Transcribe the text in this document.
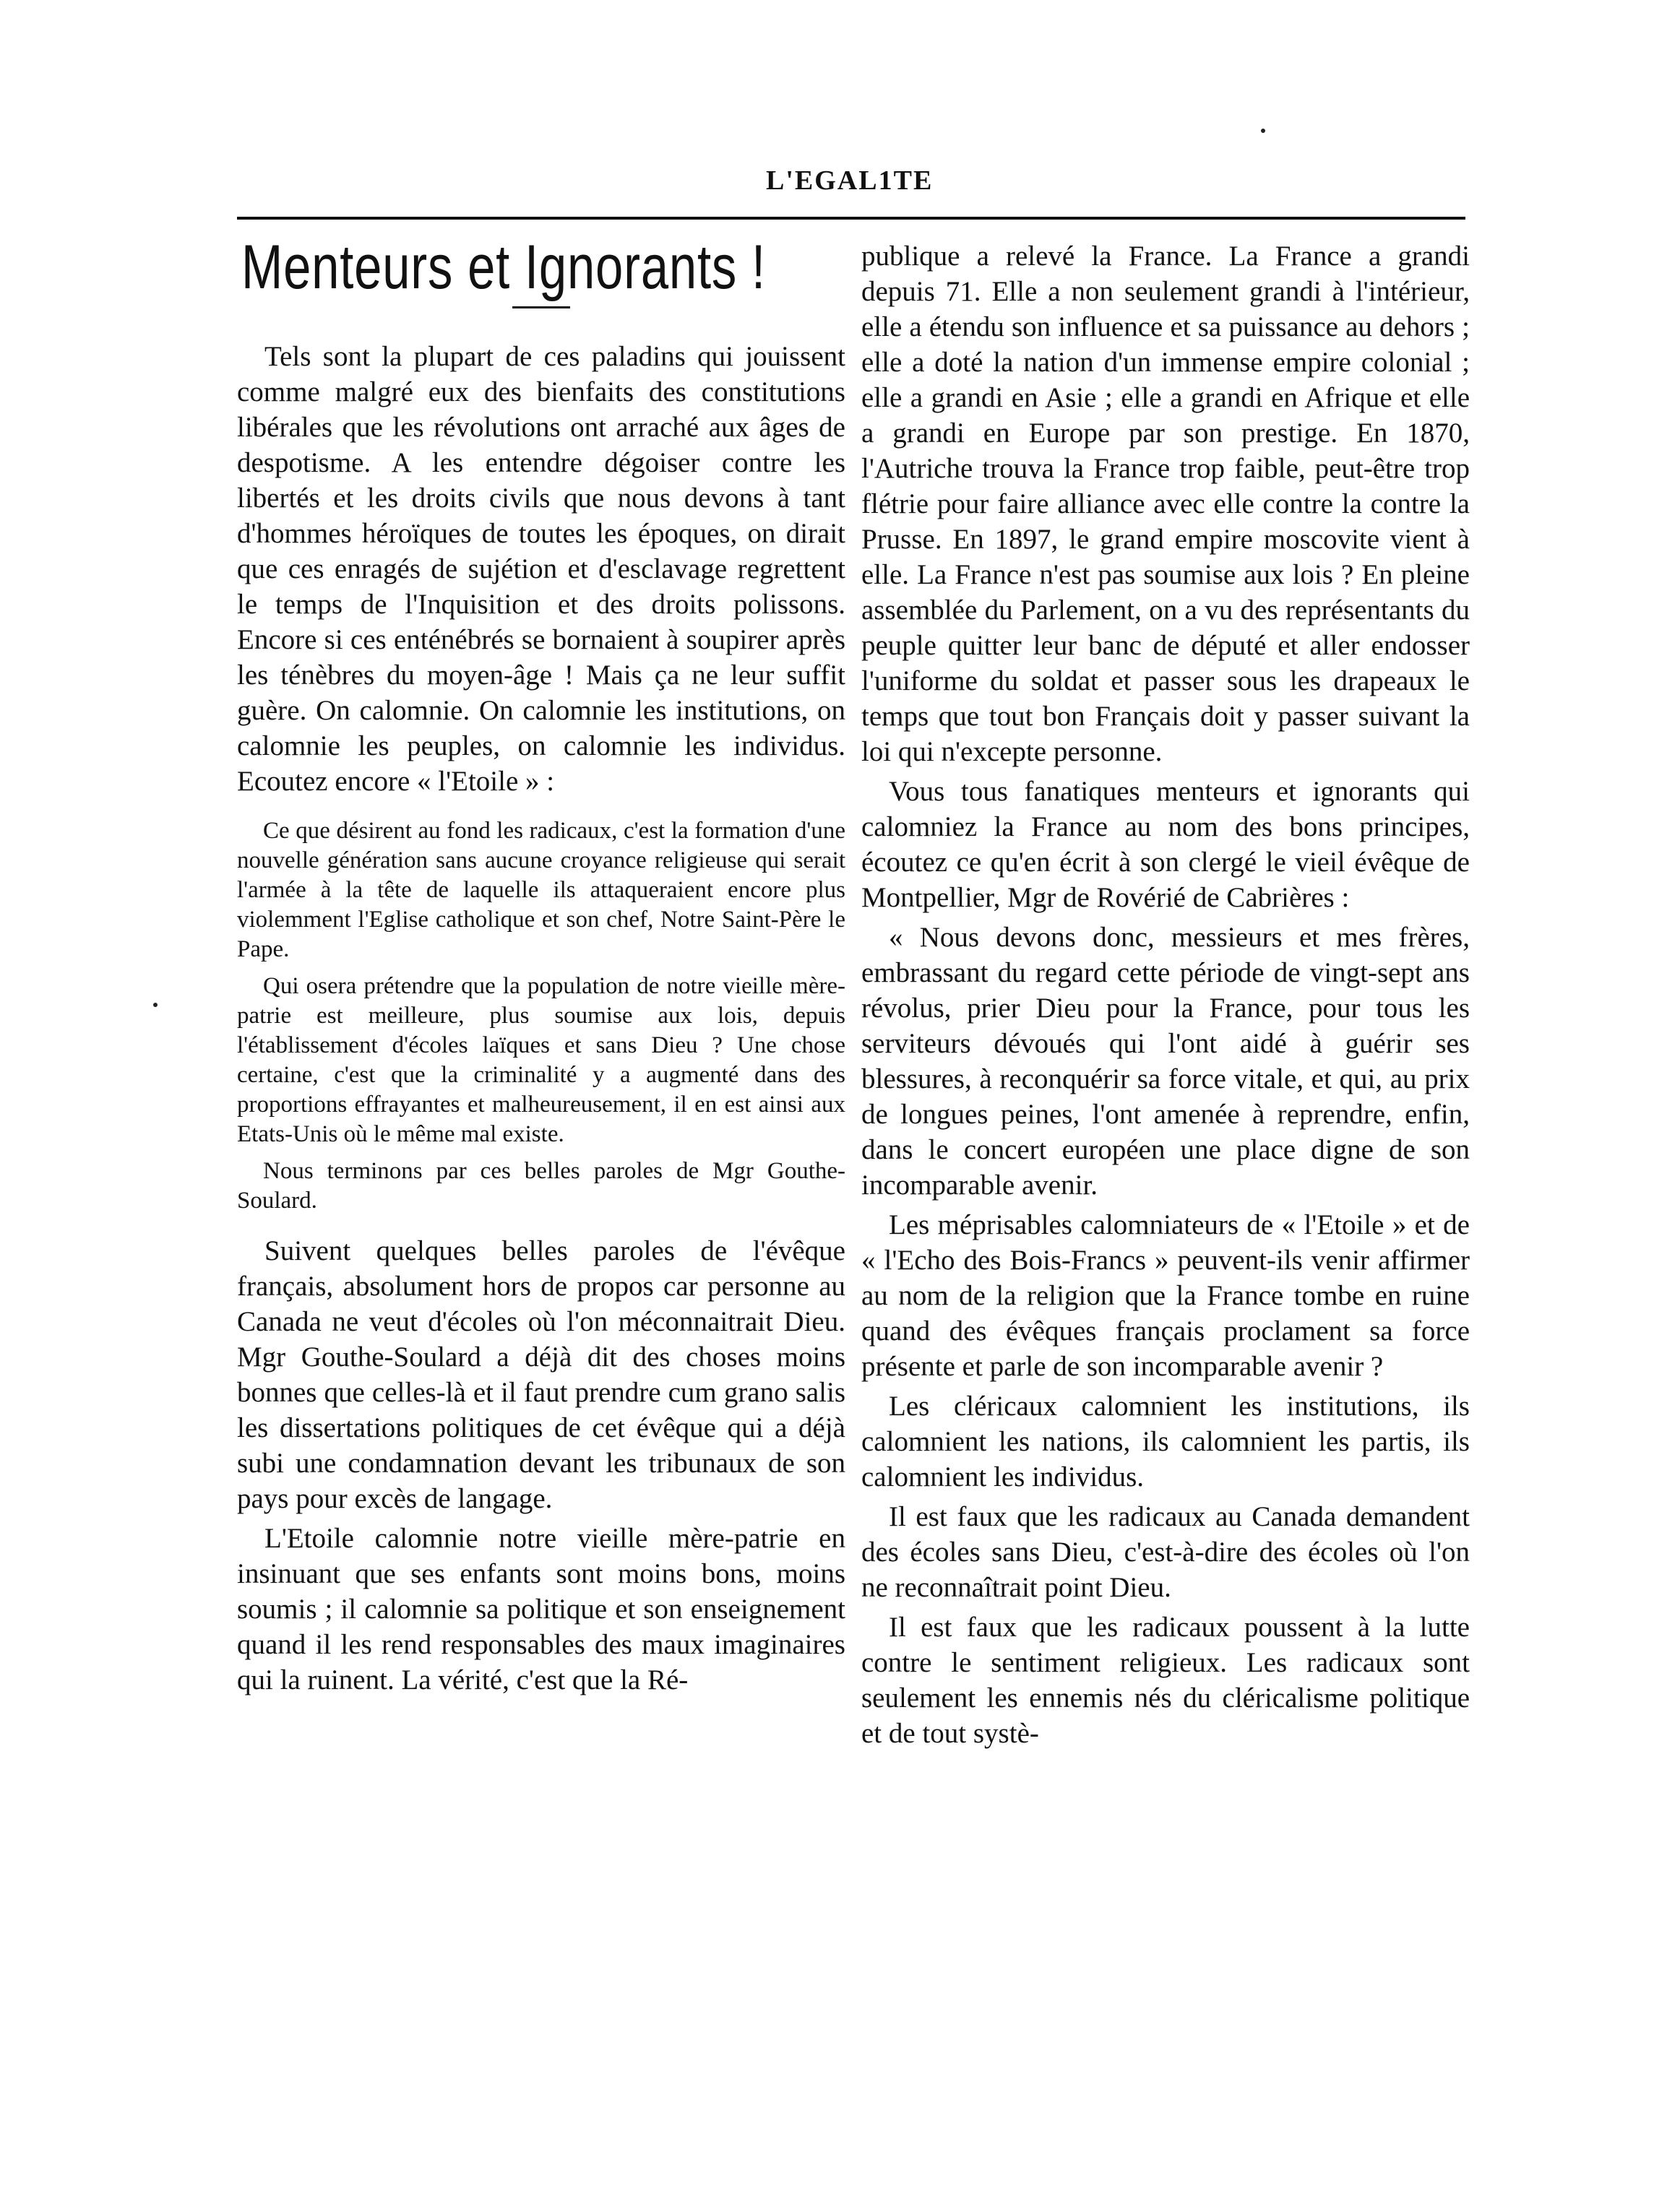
L'EGAL1TE
Menteurs et Ignorants !

Tels sont la plupart de ces paladins qui jouissent comme malgré eux des bienfaits des constitutions libérales que les révolutions ont arraché aux âges de despotisme. A les entendre dégoiser contre les libertés et les droits civils que nous devons à tant d'hommes héroïques de toutes les époques, on dirait que ces enragés de sujétion et d'esclavage regrettent le temps de l'Inquisition et des droits polissons. Encore si ces enténébrés se bornaient à soupirer après les ténèbres du moyen-âge ! Mais ça ne leur suffit guère. On calomnie. On calomnie les institutions, on calomnie les peuples, on calomnie les individus. Ecoutez encore « l'Etoile » :

Ce que désirent au fond les radicaux, c'est la formation d'une nouvelle génération sans aucune croyance religieuse qui serait l'armée à la tête de laquelle ils attaqueraient encore plus violemment l'Eglise catholique et son chef, Notre Saint-Père le Pape.

Qui osera prétendre que la population de notre vieille mère-patrie est meilleure, plus soumise aux lois, depuis l'établissement d'écoles laïques et sans Dieu ? Une chose certaine, c'est que la criminalité y a augmenté dans des proportions effrayantes et malheureusement, il en est ainsi aux Etats-Unis où le même mal existe.

Nous terminons par ces belles paroles de Mgr Gouthe-Soulard.

Suivent quelques belles paroles de l'évêque français, absolument hors de propos car personne au Canada ne veut d'écoles où l'on méconnaitrait Dieu. Mgr Gouthe-Soulard a déjà dit des choses moins bonnes que celles-là et il faut prendre cum grano salis les dissertations politiques de cet évêque qui a déjà subi une condamnation devant les tribunaux de son pays pour excès de langage.

L'Etoile calomnie notre vieille mère-patrie en insinuant que ses enfants sont moins bons, moins soumis ; il calomnie sa politique et son enseignement quand il les rend responsables des maux imaginaires qui la ruinent. La vérité, c'est que la Ré-

publique a relevé la France. La France a grandi depuis 71. Elle a non seulement grandi à l'intérieur, elle a étendu son influence et sa puissance au dehors ; elle a doté la nation d'un immense empire colonial ; elle a grandi en Asie ; elle a grandi en Afrique et elle a grandi en Europe par son prestige. En 1870, l'Autriche trouva la France trop faible, peut-être trop flétrie pour faire alliance avec elle contre la contre la Prusse. En 1897, le grand empire moscovite vient à elle. La France n'est pas soumise aux lois ? En pleine assemblée du Parlement, on a vu des représentants du peuple quitter leur banc de député et aller endosser l'uniforme du soldat et passer sous les drapeaux le temps que tout bon Français doit y passer suivant la loi qui n'excepte personne.

Vous tous fanatiques menteurs et ignorants qui calomniez la France au nom des bons principes, écoutez ce qu'en écrit à son clergé le vieil évêque de Montpellier, Mgr de Rovérié de Cabrières :

« Nous devons donc, messieurs et mes frères, embrassant du regard cette période de vingt-sept ans révolus, prier Dieu pour la France, pour tous les serviteurs dévoués qui l'ont aidé à guérir ses blessures, à reconquérir sa force vitale, et qui, au prix de longues peines, l'ont amenée à reprendre, enfin, dans le concert européen une place digne de son incomparable avenir.

Les méprisables calomniateurs de « l'Etoile » et de « l'Echo des Bois-Francs » peuvent-ils venir affirmer au nom de la religion que la France tombe en ruine quand des évêques français proclament sa force présente et parle de son incomparable avenir ?

Les cléricaux calomnient les institutions, ils calomnient les nations, ils calomnient les partis, ils calomnient les individus.

Il est faux que les radicaux au Canada demandent des écoles sans Dieu, c'est-à-dire des écoles où l'on ne reconnaîtrait point Dieu.

Il est faux que les radicaux poussent à la lutte contre le sentiment religieux. Les radicaux sont seulement les ennemis nés du cléricalisme politique et de tout systè-
